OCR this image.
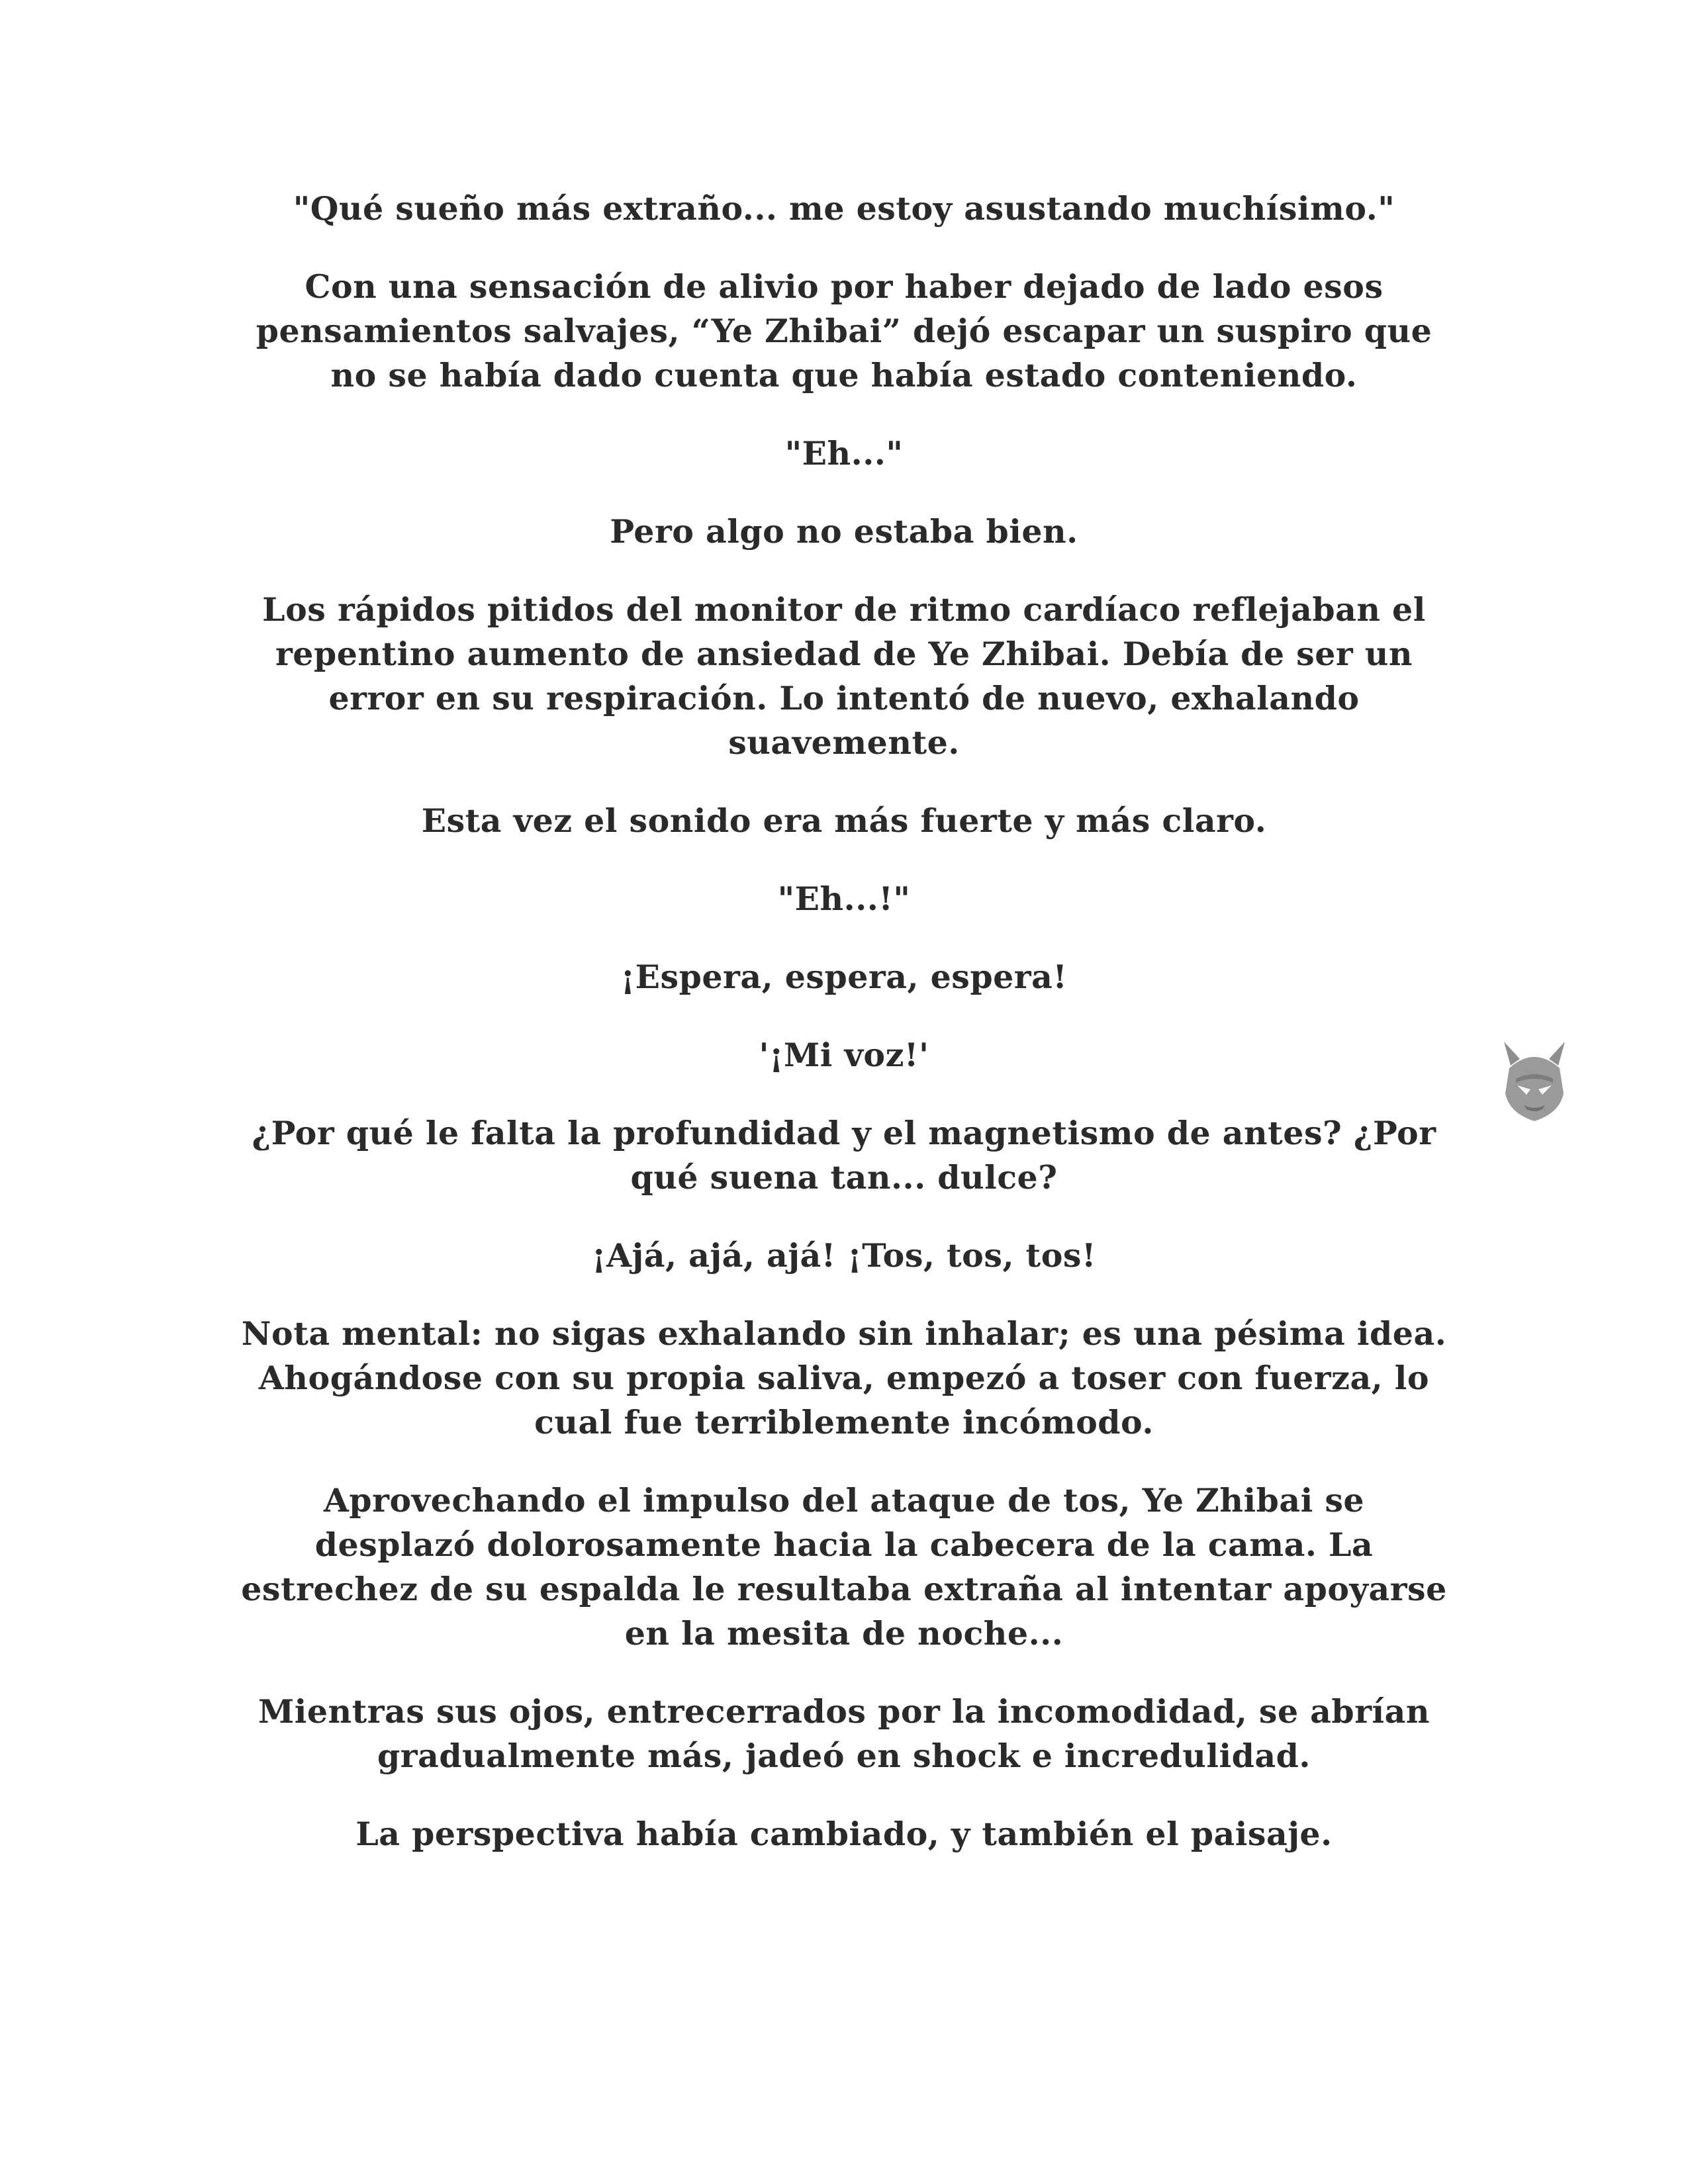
"Qué sueño más extraño... me estoy asustando muchísimo."

Con una sensación de alivio por haber dejado de lado esos pensamientos salvajes, “Ye Zhibai” dejó escapar un suspiro que no se había dado cuenta que había estado conteniendo.

"Eh..."

Pero algo no estaba bien.

Los rápidos pitidos del monitor de ritmo cardíaco reflejaban el repentino aumento de ansiedad de Ye Zhibai. Debía de ser un error en su respiración. Lo intentó de nuevo, exhalando suavemente.

Esta vez el sonido era más fuerte y más claro.

"Eh...!"

¡Espera, espera, espera!

'¡Mi voz!'

¿Por qué le falta la profundidad y el magnetismo de antes? ¿Por qué suena tan... dulce?

¡Ajá, ajá, ajá! ¡Tos, tos, tos!

Nota mental: no sigas exhalando sin inhalar; es una pésima idea. Ahogándose con su propia saliva, empezó a toser con fuerza, lo cual fue terriblemente incómodo.

Aprovechando el impulso del ataque de tos, Ye Zhibai se desplazó dolorosamente hacia la cabecera de la cama. La estrechez de su espalda le resultaba extraña al intentar apoyarse en la mesita de noche...

Mientras sus ojos, entrecerrados por la incomodidad, se abrían gradualmente más, jadeó en shock e incredulidad.

La perspectiva había cambiado, y también el paisaje.
